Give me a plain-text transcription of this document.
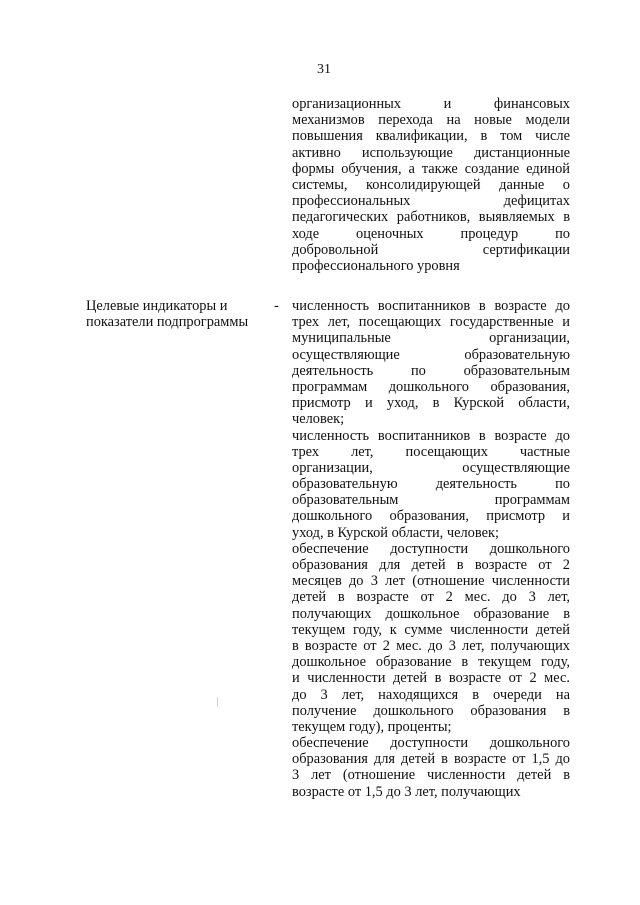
31
организационных и финансовых
механизмов перехода на новые модели
повышения квалификации, в том числе
активно использующие дистанционные
формы обучения, а также создание единой
системы, консолидирующей данные о
профессиональных дефицитах
педагогических работников, выявляемых в
ходе оценочных процедур по
добровольной сертификации
профессионального уровня
Целевые индикаторы и
показатели подпрограммы
- численность воспитанников в возрасте до
трех лет, посещающих государственные и
муниципальные организации,
осуществляющие образовательную
деятельность по образовательным
программам дошкольного образования,
присмотр и уход, в Курской области,
человек;
численность воспитанников в возрасте до
трех лет, посещающих частные
организации, осуществляющие
образовательную деятельность по
образовательным программам
дошкольного образования, присмотр и
уход, в Курской области, человек;
обеспечение доступности дошкольного
образования для детей в возрасте от 2
месяцев до 3 лет (отношение численности
детей в возрасте от 2 мес. до 3 лет,
получающих дошкольное образование в
текущем году, к сумме численности детей
в возрасте от 2 мес. до 3 лет, получающих
дошкольное образование в текущем году,
и численности детей в возрасте от 2 мес.
до 3 лет, находящихся в очереди на
получение дошкольного образования в
текущем году), проценты;
обеспечение доступности дошкольного
образования для детей в возрасте от 1,5 до
3 лет (отношение численности детей в
возрасте от 1,5 до 3 лет, получающих
